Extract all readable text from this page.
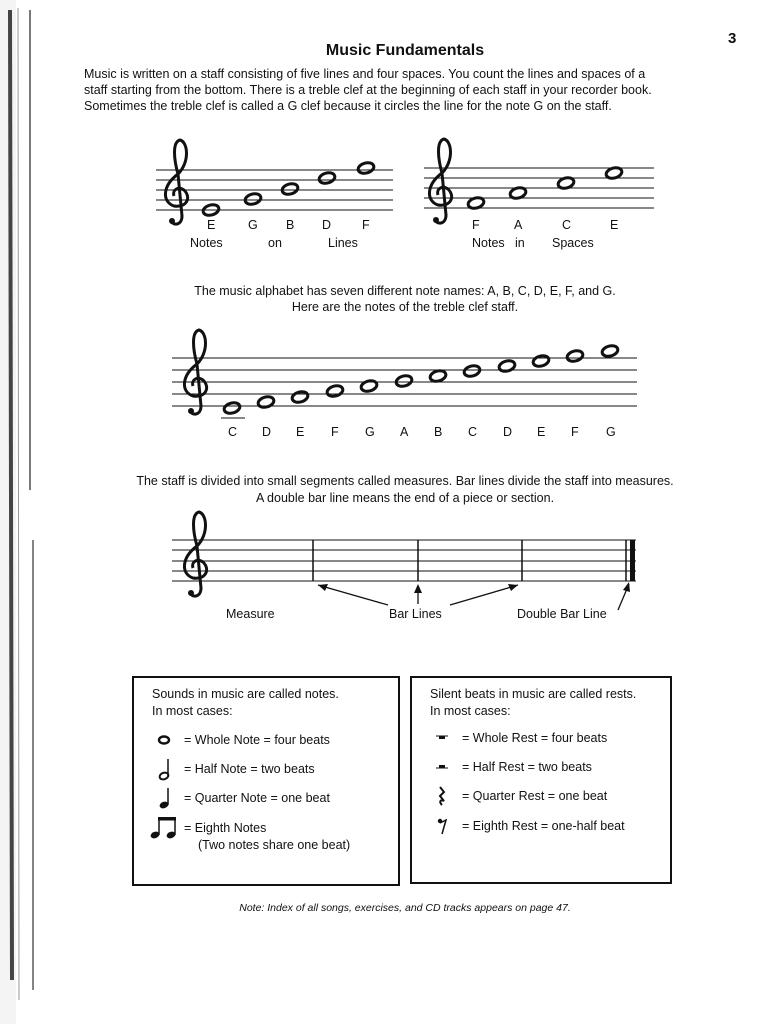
3
Music Fundamentals
Music is written on a staff consisting of five lines and four spaces. You count the lines and spaces of a
staff starting from the bottom. There is a treble clef at the beginning of each staff in your recorder book.
Sometimes the treble clef is called a G clef because it circles the line for the note G on the staff.
E	G B D F
Notes	on	Lines
F	A	C	E
Notes in Spaces
The music alphabet has seven different note names: A, B, C, D, E, F, and G.
Here are the notes of the treble clef staff.
C D E F G A B C D E F G
The staff is divided into small segments called measures. Bar lines divide the staff into measures.
A double bar line means the end of a piece or section.
Measure	Bar Lines	Double Bar Line
Sounds in music are called notes.
In most cases:
= Whole Note = four beats
= Half Note = two beats
= Quarter Note = one beat
= Eighth Notes
(Two notes share one beat)
Silent beats in music are called rests.
In most cases:
= Whole Rest = four beats
= Half Rest = two beats
= Quarter Rest = one beat
= Eighth Rest = one-half beat
Note: Index of all songs, exercises, and CD tracks appears on page 47.
